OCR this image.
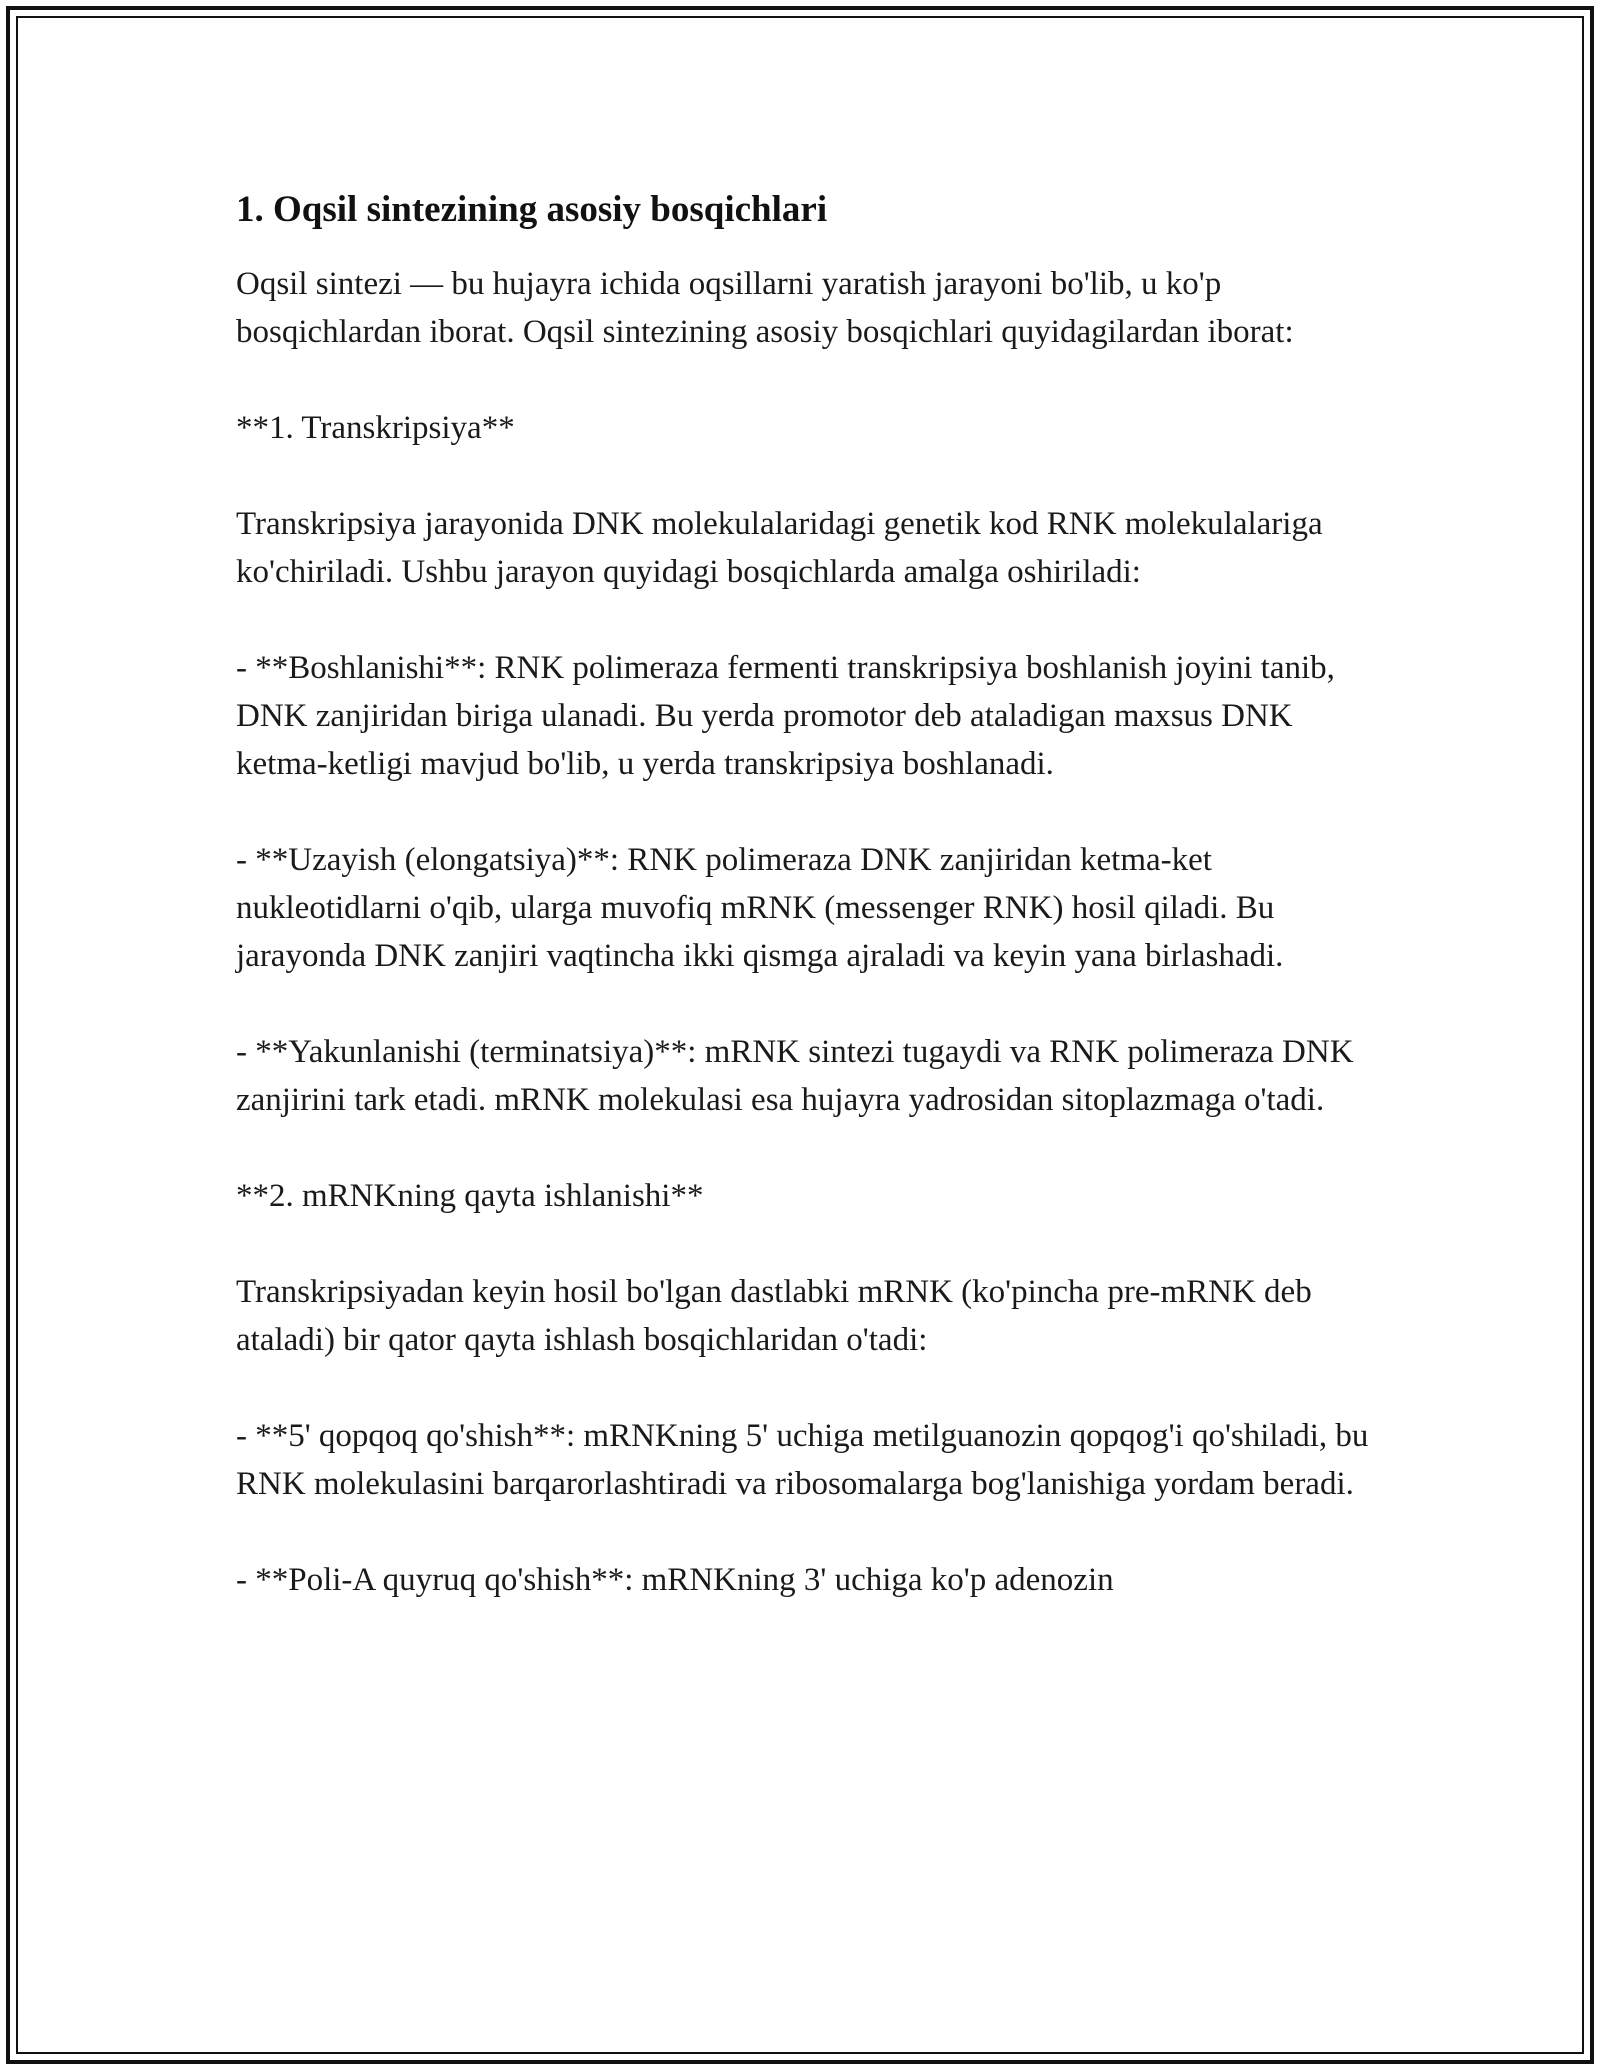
1. Oqsil sintezining asosiy bosqichlari

Oqsil sintezi — bu hujayra ichida oqsillarni yaratish jarayoni bo'lib, u ko'p bosqichlardan iborat. Oqsil sintezining asosiy bosqichlari quyidagilardan iborat:

**1. Transkripsiya**

Transkripsiya jarayonida DNK molekulalaridagi genetik kod RNK molekulalariga ko'chiriladi. Ushbu jarayon quyidagi bosqichlarda amalga oshiriladi:

- **Boshlanishi**: RNK polimeraza fermenti transkripsiya boshlanish joyini tanib, DNK zanjiridan biriga ulanadi. Bu yerda promotor deb ataladigan maxsus DNK ketma-ketligi mavjud bo'lib, u yerda transkripsiya boshlanadi.

- **Uzayish (elongatsiya)**: RNK polimeraza DNK zanjiridan ketma-ket nukleotidlarni o'qib, ularga muvofiq mRNK (messenger RNK) hosil qiladi. Bu jarayonda DNK zanjiri vaqtincha ikki qismga ajraladi va keyin yana birlashadi.

- **Yakunlanishi (terminatsiya)**: mRNK sintezi tugaydi va RNK polimeraza DNK zanjirini tark etadi. mRNK molekulasi esa hujayra yadrosidan sitoplazmaga o'tadi.

**2. mRNKning qayta ishlanishi**

Transkripsiyadan keyin hosil bo'lgan dastlabki mRNK (ko'pincha pre-mRNK deb ataladi) bir qator qayta ishlash bosqichlaridan o'tadi:

- **5' qopqoq qo'shish**: mRNKning 5' uchiga metilguanozin qopqog'i qo'shiladi, bu RNK molekulasini barqarorlashtiradi va ribosomalarga bog'lanishiga yordam beradi.

- **Poli-A quyruq qo'shish**: mRNKning 3' uchiga ko'p adenozin
